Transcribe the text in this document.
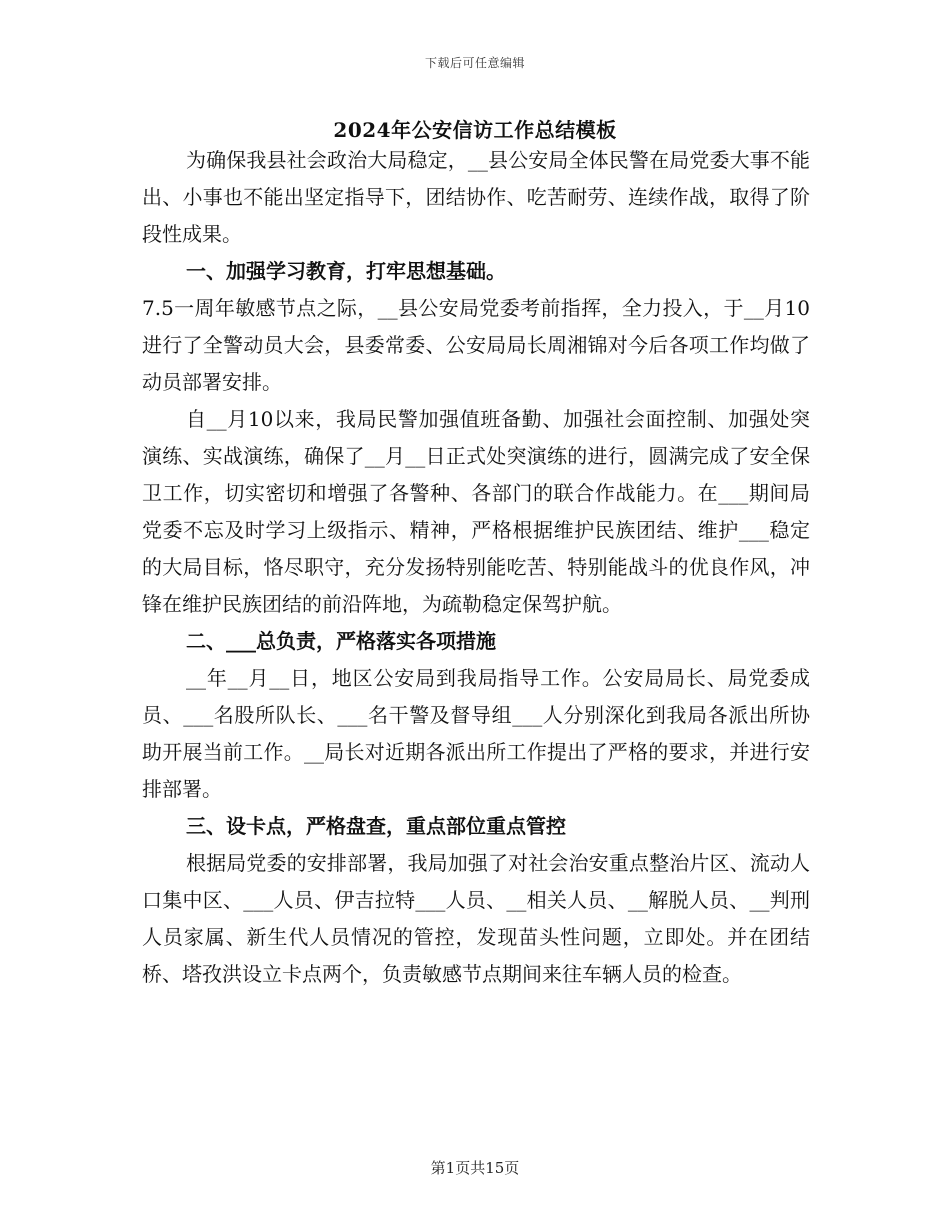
下载后可任意编辑
2024年公安信访工作总结模板

为确保我县社会政治大局稳定，__县公安局全体民警在局党委大事不能出、小事也不能出坚定指导下，团结协作、吃苦耐劳、连续作战，取得了阶段性成果。

一、加强学习教育，打牢思想基础。

7.5一周年敏感节点之际，__县公安局党委考前指挥，全力投入，于__月10进行了全警动员大会，县委常委、公安局局长周湘锦对今后各项工作均做了动员部署安排。

自__月10以来，我局民警加强值班备勤、加强社会面控制、加强处突演练、实战演练，确保了__月__日正式处突演练的进行，圆满完成了安全保卫工作，切实密切和增强了各警种、各部门的联合作战能力。在___期间局党委不忘及时学习上级指示、精神，严格根据维护民族团结、维护___稳定的大局目标，恪尽职守，充分发扬特别能吃苦、特别能战斗的优良作风，冲锋在维护民族团结的前沿阵地，为疏勒稳定保驾护航。

二、___总负责，严格落实各项措施

__年__月__日，地区公安局到我局指导工作。公安局局长、局党委成员、___名股所队长、___名干警及督导组___人分别深化到我局各派出所协助开展当前工作。__局长对近期各派出所工作提出了严格的要求，并进行安排部署。

三、设卡点，严格盘查，重点部位重点管控

根据局党委的安排部署，我局加强了对社会治安重点整治片区、流动人口集中区、___人员、伊吉拉特___人员、__相关人员、__解脱人员、__判刑人员家属、新生代人员情况的管控，发现苗头性问题，立即处。并在团结桥、塔孜洪设立卡点两个，负责敏感节点期间来往车辆人员的检查。

第1页共15页
